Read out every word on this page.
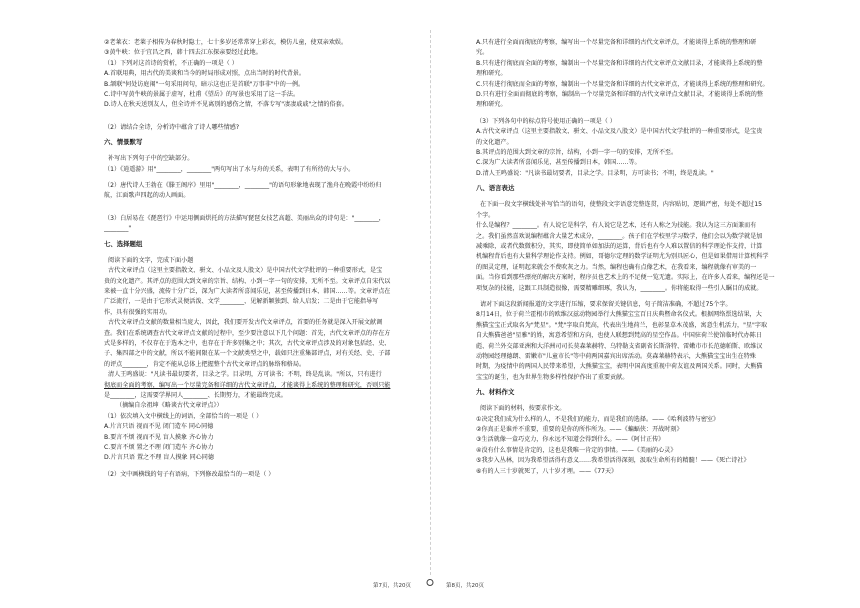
②老莱衣：老莱子相传为春秋时隐士，七十多岁还常常穿上彩衣，模仿儿童，使双亲欢娱。
③黄牛峡：位于宜昌之西，韩十四去江东探亲要经过此地。
（1）下列对这首诗的赏析，不正确的一项是（ ）
A.首联用典，用古代的美谈和当今的时局形成对照，点出当时的时代背景。
B.颔联"何处访庭闱"一句采用问句，暗示这也正是首联"万事非"中的一例。
C.诗中写黄牛峡的景属于虚写，杜甫《望岳》的写景也采用了这一手法。
D.诗人在秋天送别友人，但全诗并不见离别的感伤之情，不落专写"凄凄戚戚"之情的俗套。
（2）请结合全诗，分析诗中蕴含了诗人哪些情感?
六、情景默写
补写出下列句子中的空缺部分。
（1）《逍遥游》用"________，________"两句写出了水与舟的关系，表明了有所待的大与小。
（2）唐代诗人王勃在《滕王阁序》里用"________，________"的语句形象地表现了渔舟在晚霞中纷纷归
航，江面歌声四起的动人画面。
（3）白居易在《琵琶行》中运用侧面烘托的方法描写琵琶女技艺高超、美丽出众的诗句是："________，
________"
七、选择题组
阅读下面的文字，完成下面小题
古代文章评点（这里主要指散文、骈文、小品文及人股文）是中国古代文学批评的一种重要形式，是宝
贵的文化遗产。其评点的范围大到文章的宗旨、结构、小到一字一句的安排，无所不至。文章评点自宋代以
来被一直十分兴盛，流传十分广泛，深为广大读者所喜闻乐见，甚至传播到日本、韩国……等。文章评点在
广泛流行，一是由于它形式灵便活泼、文学________、见解新颖独到、给人启发；二是由于它能指导写
作，具有很强的实用功。
古代文章评点文献的数量相当庞大，因此，我们要开发古代文章评点，首要的任务就是深入开展文献调
查。我们在系统调查古代文章评点文献的过程中，至少要注意以下几个问题：首先，古代文章评点的存在方
式是多样的，不仅存在于选本之中，也存在于许多别集之中；其次，古代文章评点涉及的对象包括经、史、
子、集四部之中的文献，所以不能间限在某一个文献类型之中，载如只注重集部评点，对有关经、史、子部
的评点________，肯定不能从总体上把握整个古代文章评点的脉络和格局。
清人王鸣盛说："凡读书最切要者，目录之学。目录明，方可读书；不明，终是乱读。"所以，只有进行
彻底而全面的考察，编写出一个尽量完备和详细的古代文章评点，才能谈得上系统的整理和研究，否则只能
是________，这需要学界同人________、长期努力，才能最终完成。
（摘编自佘祖坤《略谈古代文章评点》）
（1）依次填入文中横线上的词语，全部恰当的一项是（ ）
A.片言只语 视而不见 闭门造车 同心同德
B.要言不烦 视而不见 盲人摸象 齐心协力
C.要言不烦 置之不理 闭门造车 齐心协力
D.片言只语 置之不理 盲人摸象 同心同德
（2）文中画横线的句子有语病，下列修改最恰当的一项是（ ）
A.只有进行全面而彻底的考察，编写出一个尽量完备和详细的古代文章评点，才能谈得上系统的整理和研
究。
B.只有进行彻底而全面的考察，编制出一个尽量完备和详细的古代文章评点文献目录，才能谈得上系统的整
理和研究。
C.只有进行彻底而全面的考察，编制出一个尽量完备和详细的古代文章评点，才能谈得上系统的整理和研究。
D.只有进行全面而彻底的考察，编制出一个尽量完备和详细的古代文章评点文献目录，才能谈得上系统的整
理和研究。
（3）下列各句中的标点符号使用正确的一项是（ ）
A.古代文章评点（这里主要指散文、骈文、小品文及八股文）是中国古代文学批评的一种重要形式，是宝贵
的文化遗产。
B.其评点的范围大到文章的宗旨，结构，小到一字一句的安排，无所不至。
C.深为广大读者所喜闻乐见，甚至传播到日本，韩国……等。
D.清人王鸣盛说："凡读书最切要者，目录之学。目录明，方可读书；不明，终是乱读。"
八、语言表达
在下面一段文字横线处补写恰当的语句，使整段文字语意完整连贯，内容贴切，逻辑严密，每处不超过15
个字。
什么是编程？________。有人说它是科学，有人说它是艺术，还有人称之为技能。我认为这三方面兼而有
之。我们虽然喜欢说编程蕴含大量艺术成分，________。孩子们在学校里学习数学，他们会以为数学就是加
减乘除，或者代数微积分，其实，即使简单如加法的运算，背后也有令人难以置信的科学理论作支持，计算
机编程背后也有大量科学理论作支持。例如，哥德尔定理的数学证明尤为别具匠心，但是如果借用计算机科学
的图灵定理，证明起来就会不费吹灰之力。当然，编程也确有点像艺术，在我看来，编程就像有审美的一
面。当你看到那些漂亮的解决方案时，程序员也艺术上的不足便一览无遗。实际上，在许多人看来，编程还是一
项复杂的技能，这跟工具制造很像，需要精雕细琢，我认为，________。你将能取得一些引人瞩目的成就。
请对下面这段新闻报道的文字进行压缩，要求保留关键信息，句子简洁准确，不超过75个字。
8月14日，位于荷兰霍根市的欧维汉兹动物园举行大熊猫宝宝百日庆典暨命名仪式。根据网络票选结果，大
熊猫宝宝正式取名为"梵星"。"梵"字取自梵高，代表出生地荷兰，也彰显草木茂盛，寓意生机活力，"星"字取
自大熊猫爸爸"星雅"的姓，寓意希望和方向，也使人联想到梵高的星空作品。中国驻荷兰使馆临时代办陈日
彪、荷兰外交部亚洲和大洋洲司司长莫森莱赫特、乌特勒支省副省长斯洛特、雷嫩市市长范德帕斯、欧维汉
动物园经理德朗、雷嫩市"儿童市长"等中荷两国嘉宾出席活动。莫森莱赫特表示，大熊猫宝宝出生在特殊
时期，为疫情中的两国人民带来希望，大熊猫宝宝，表明中国高度重视中荷友谊及两国关系。同时，大熊猫
宝宝的诞生，也为世界生物多样性保护作出了重要贡献。
九、材料作文
阅读下面的材料，按要求作文。
①决定我们成为什么样的人，不是我们的能力，而是我们的选择。——《哈利波特与密室》
②你真正是谁并不重要，重要的是你的所作所为。——《蝙蝠侠：开战时刻》
③生活就像一盒巧克力，你永远不知道会得到什么。——《阿甘正传》
④没有什么事情是肯定的，这也是我唯一肯定的事情。——《美丽的心灵》
⑤我步入丛林，因为我希望活得有意义……我希望活得深刻，汲取生命所有的精髓！——《死亡诗社》
⑥有的人三十岁就死了，八十岁才埋。——《77天》
第7页，共20页	第8页，共20页
